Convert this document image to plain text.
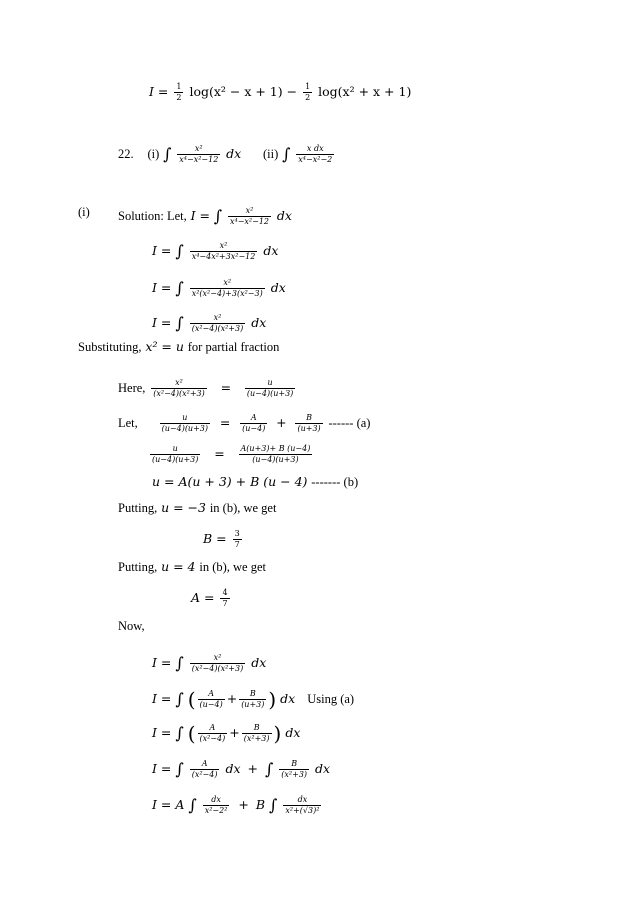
$I = \frac{1}{2} \log(x^2 - x + 1) - \frac{1}{2} \log(x^2 + x + 1)$
22. (i) ∫ $\frac{\text{x²}}{\text{x⁴−x²−12}}$ dx (ii) ∫ $\frac{\text{x dx}}{\text{x⁴−x²−2}}$
(i) Solution: Let, I = ∫ $\frac{\text{x²}}{\text{x⁴−x²−12}}$ dx
I = ∫ $\frac{\text{x²}}{\text{x⁴−4x²+3x²−12}}$ dx
I = ∫ $\frac{\text{x²}}{\text{x²(x²−4)+3(x²−3)}}$ dx
I = ∫ $\frac{\text{x²}}{\text{(x²−4)(x²+3)}}$ dx
Substituting, x² = u for partial fraction
Here, $\frac{\text{x²}}{\text{(x²−4)(x²+3)}} = \frac{u}{(u-4)(u+3)}$
Let,	$\frac{u}{(u-4)(u+3)} = \frac{A}{(u-4)} + \frac{B}{(u+3)}$ ------ (a)
$\frac{u}{(u-4)(u+3)} = \frac{A(u+3)+ B (u-4)}{(u-4)(u+3)}$
u = A(u + 3) + B (u − 4) ------- (b)
Putting, u = −3 in (b), we get
$B = \frac{3}{7}$
Putting, u = 4 in (b), we get
$A = \frac{4}{7}$
Now,
I = ∫ $\frac{\text{x²}}{\text{(x²−4)(x²+3)}}$ dx
I = ∫ ( $\frac{A}{(u-4)} + \frac{B}{(u+3)}$ ) dx Using (a)
I = ∫ ( $\frac{A}{\text{(x²−4)}} + \frac{B}{\text{(x²+3)}}$ ) dx
I = ∫ $\frac{A}{\text{(x²−4)}}$ dx + ∫ $\frac{B}{\text{(x²+3)}}$ dx
I = A ∫ $\frac{dx}{\text{x²−2²}} + B$ ∫ $\frac{dx}{\text{x²+(√3)²}}$
